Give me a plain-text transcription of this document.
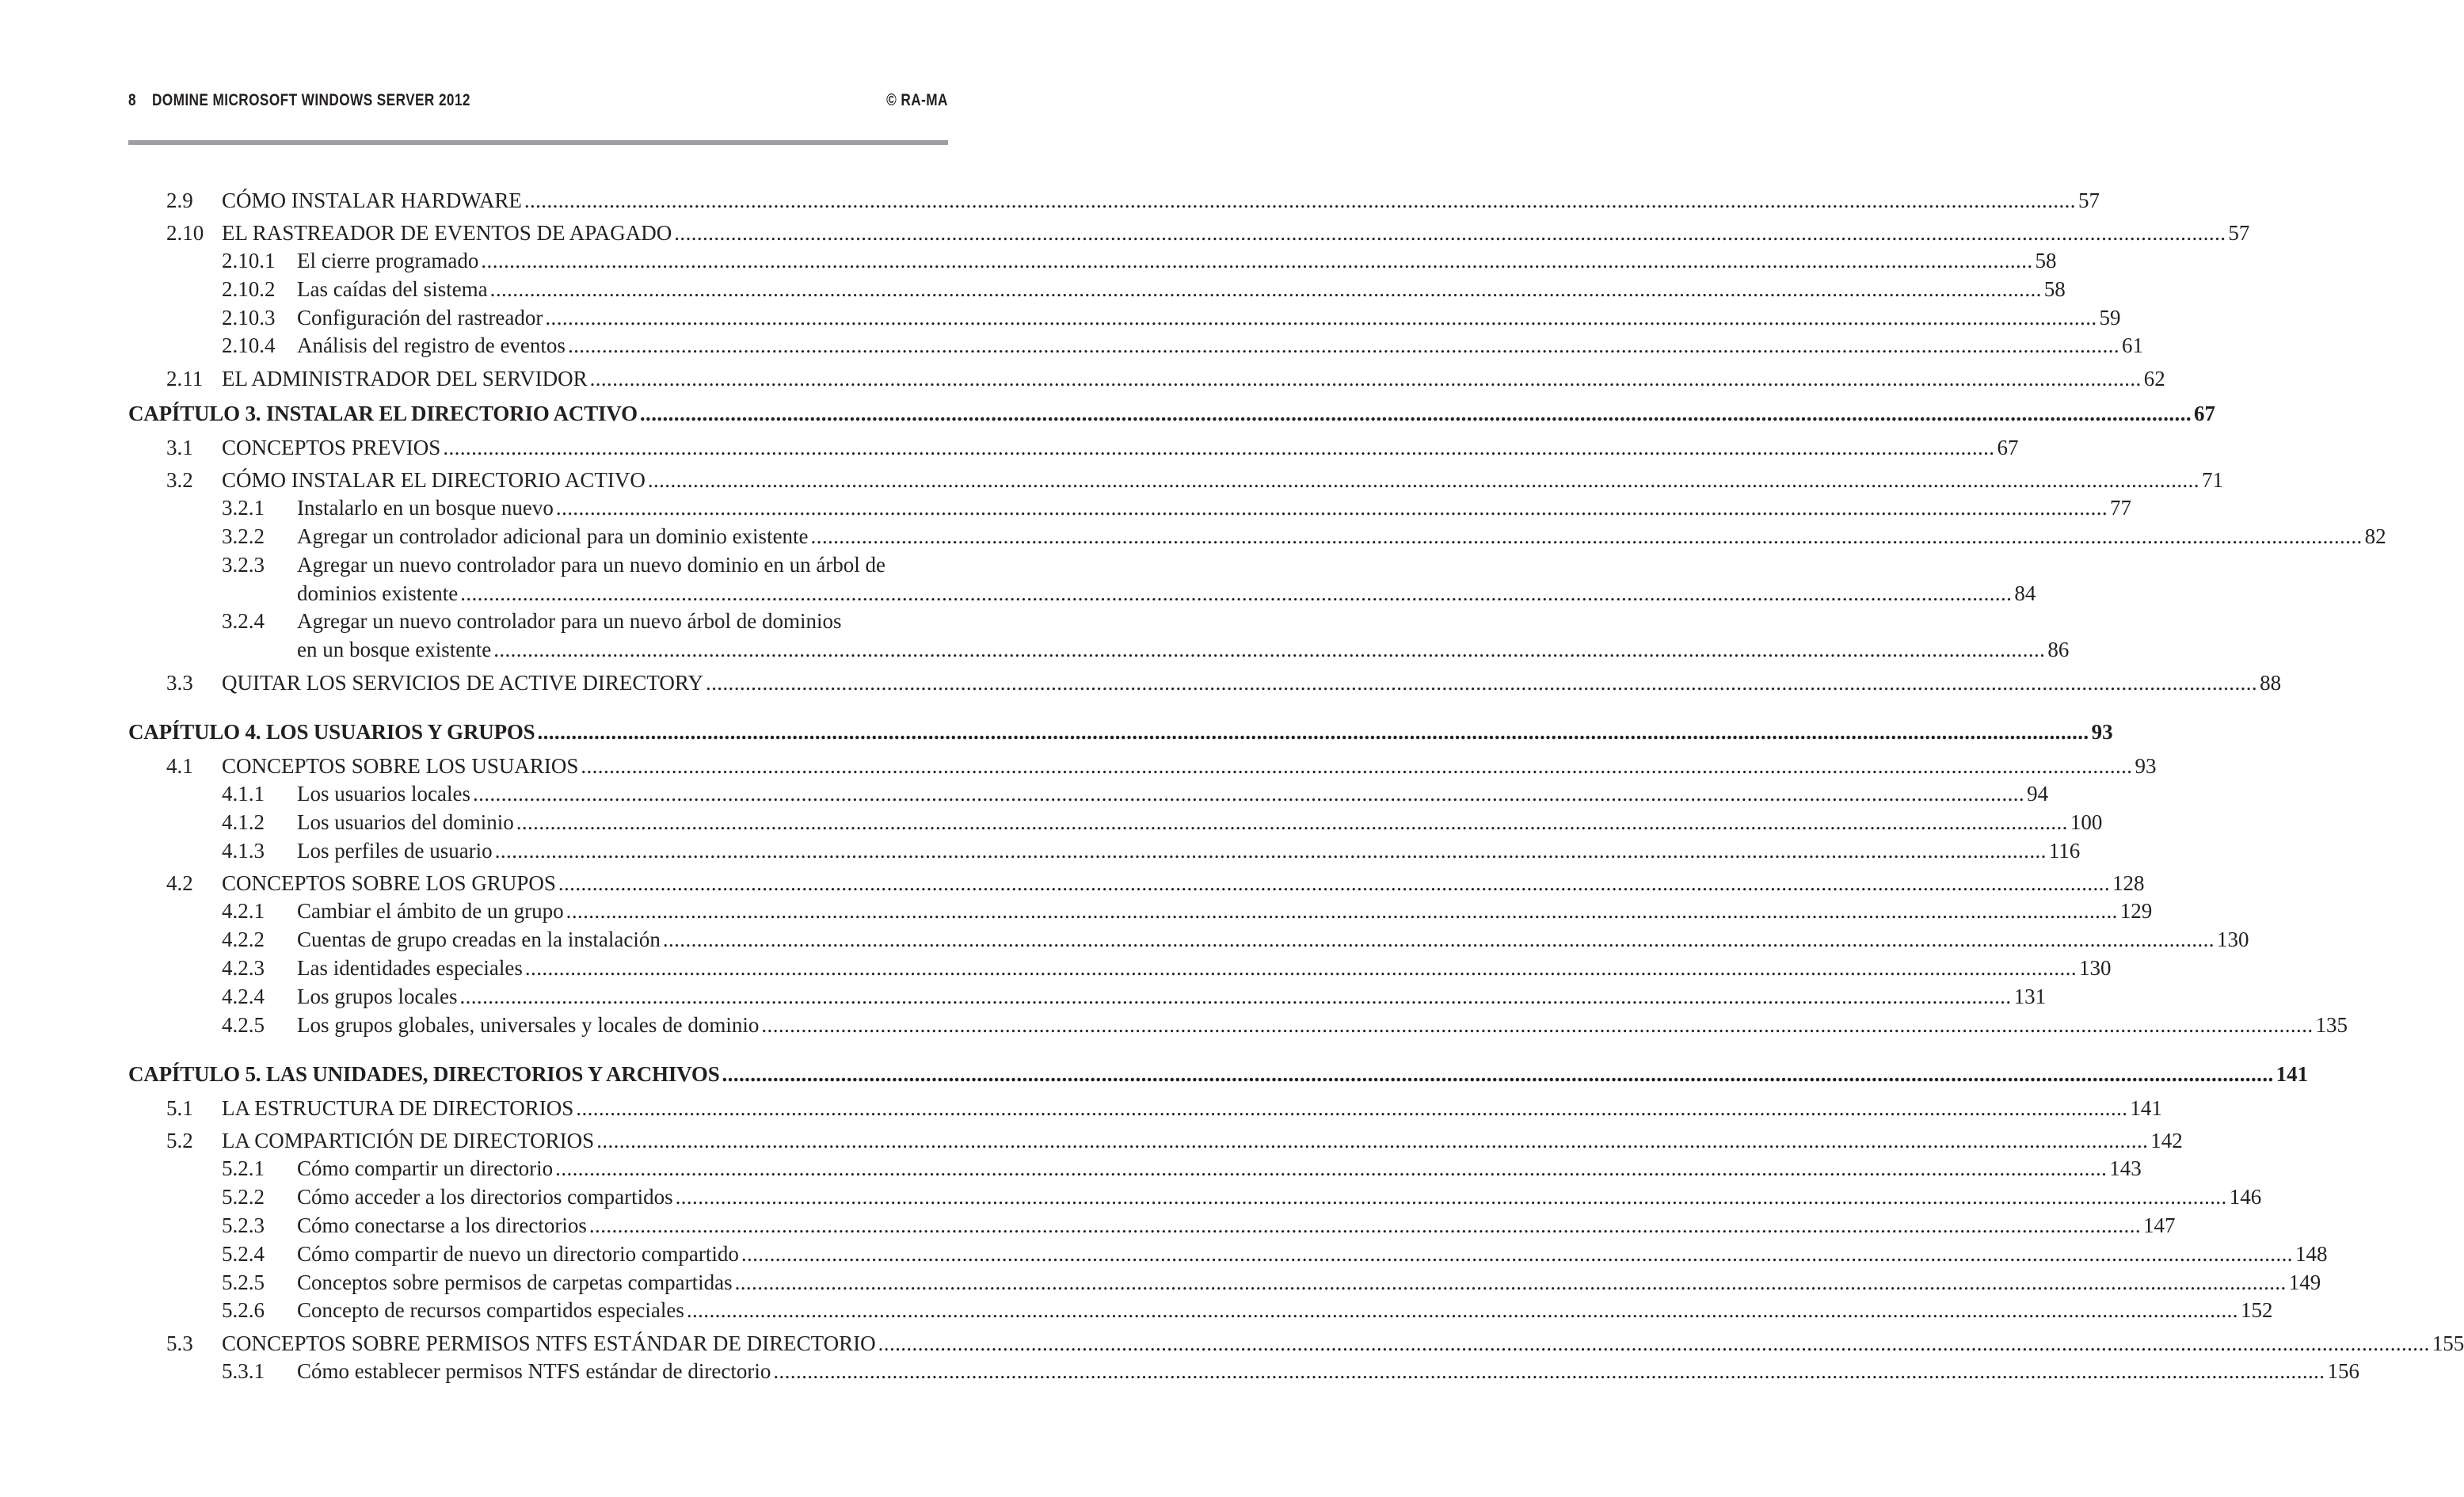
8 DOMINE MICROSOFT WINDOWS SERVER 2012	© RA-MA
2.9	CÓMO INSTALAR HARDWARE .....	57
2.10 EL RASTREADOR DE EVENTOS DE APAGADO .....	57
2.10.1	El cierre programado .....	58
2.10.2	Las caídas del sistema .....	58
2.10.3	Configuración del rastreador .....	59
2.10.4	Análisis del registro de eventos .....	61
2.11 EL ADMINISTRADOR DEL SERVIDOR .....	62
CAPÍTULO 3. INSTALAR EL DIRECTORIO ACTIVO .....	67
3.1	CONCEPTOS PREVIOS .....	67
3.2	CÓMO INSTALAR EL DIRECTORIO ACTIVO .....	71
3.2.1	Instalarlo en un bosque nuevo .....	77
3.2.2	Agregar un controlador adicional para un dominio existente .....	82
3.2.3	Agregar un nuevo controlador para un nuevo dominio en un árbol de
dominios existente .....	84
3.2.4	Agregar un nuevo controlador para un nuevo árbol de dominios
en un bosque existente .....	86
3.3	QUITAR LOS SERVICIOS DE ACTIVE DIRECTORY .....	88
CAPÍTULO 4. LOS USUARIOS Y GRUPOS .....	93
4.1	CONCEPTOS SOBRE LOS USUARIOS .....	93
4.1.1	Los usuarios locales .....	94
4.1.2	Los usuarios del dominio .....	100
4.1.3	Los perfiles de usuario .....	116
4.2	CONCEPTOS SOBRE LOS GRUPOS .....	128
4.2.1	Cambiar el ámbito de un grupo .....	129
4.2.2	Cuentas de grupo creadas en la instalación .....	130
4.2.3	Las identidades especiales .....	130
4.2.4	Los grupos locales .....	131
4.2.5	Los grupos globales, universales y locales de dominio .....	135
CAPÍTULO 5. LAS UNIDADES, DIRECTORIOS Y ARCHIVOS .....	141
5.1	LA ESTRUCTURA DE DIRECTORIOS .....	141
5.2	LA COMPARTICIÓN DE DIRECTORIOS .....	142
5.2.1	Cómo compartir un directorio .....	143
5.2.2	Cómo acceder a los directorios compartidos .....	146
5.2.3	Cómo conectarse a los directorios .....	147
5.2.4	Cómo compartir de nuevo un directorio compartido .....	148
5.2.5	Conceptos sobre permisos de carpetas compartidas .....	149
5.2.6	Concepto de recursos compartidos especiales .....	152
5.3	CONCEPTOS SOBRE PERMISOS NTFS ESTÁNDAR DE DIRECTORIO .....	155
5.3.1	Cómo establecer permisos NTFS estándar de directorio .....	156
